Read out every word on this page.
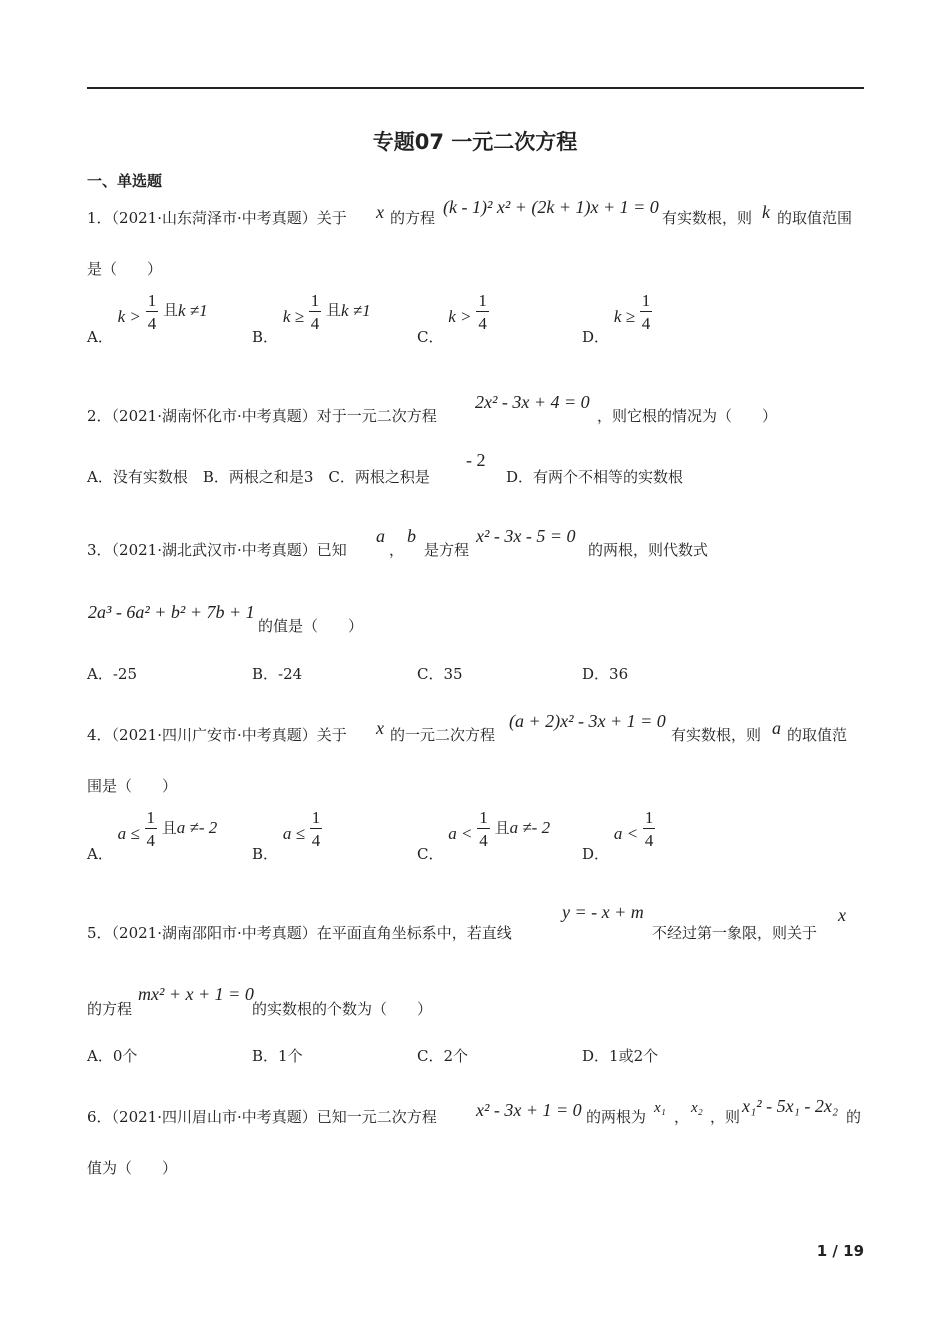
专题07 一元二次方程
一、单选题
1．（2021·山东菏泽市·中考真题）关于 x 的方程
(k - 1)² x² + (2k + 1)x + 1 = 0
有实数根，则 k 的取值范围
是（　　）
A． $k > \frac{1}{4}$ 且k ≠1
B． $k \ge \frac{1}{4}$ 且k ≠1
C． $k > \frac{1}{4}$
D． $k \ge \frac{1}{4}$
2．（2021·湖南怀化市·中考真题）对于一元二次方程
2x² - 3x + 4 = 0
，则它根的情况为（　　）
A．没有实数根　B．两根之和是3　C．两根之积是
- 2
D．有两个不相等的实数根
3．（2021·湖北武汉市·中考真题）已知
a
，
b
是方程
x² - 3x - 5 = 0
的两根，则代数式
2a³ - 6a² + b² + 7b + 1
的值是（　　）
A．-25	B．-24	C．35	D．36
4．（2021·四川广安市·中考真题）关于 x 的一元二次方程
(a + 2)x² - 3x + 1 = 0
有实数根，则 a 的取值范
围是（　　）
A． $a \le \frac{1}{4}$ 且a ≠- 2
B． $a \le \frac{1}{4}$
C． $a < \frac{1}{4}$ 且a ≠- 2
D． $a < \frac{1}{4}$
5．（2021·湖南邵阳市·中考真题）在平面直角坐标系中，若直线
y = - x + m
不经过第一象限，则关于
x
的方程
mx² + x + 1 = 0
的实数根的个数为（　　）
A．0个	B．1个	C．2个	D．1或2个
6．（2021·四川眉山市·中考真题）已知一元二次方程 x² - 3x + 1 = 0 的两根为 x₁ ， x₂ ，则
x₁² - 5x₁ - 2x₂
的
值为（　　）
1 / 19
